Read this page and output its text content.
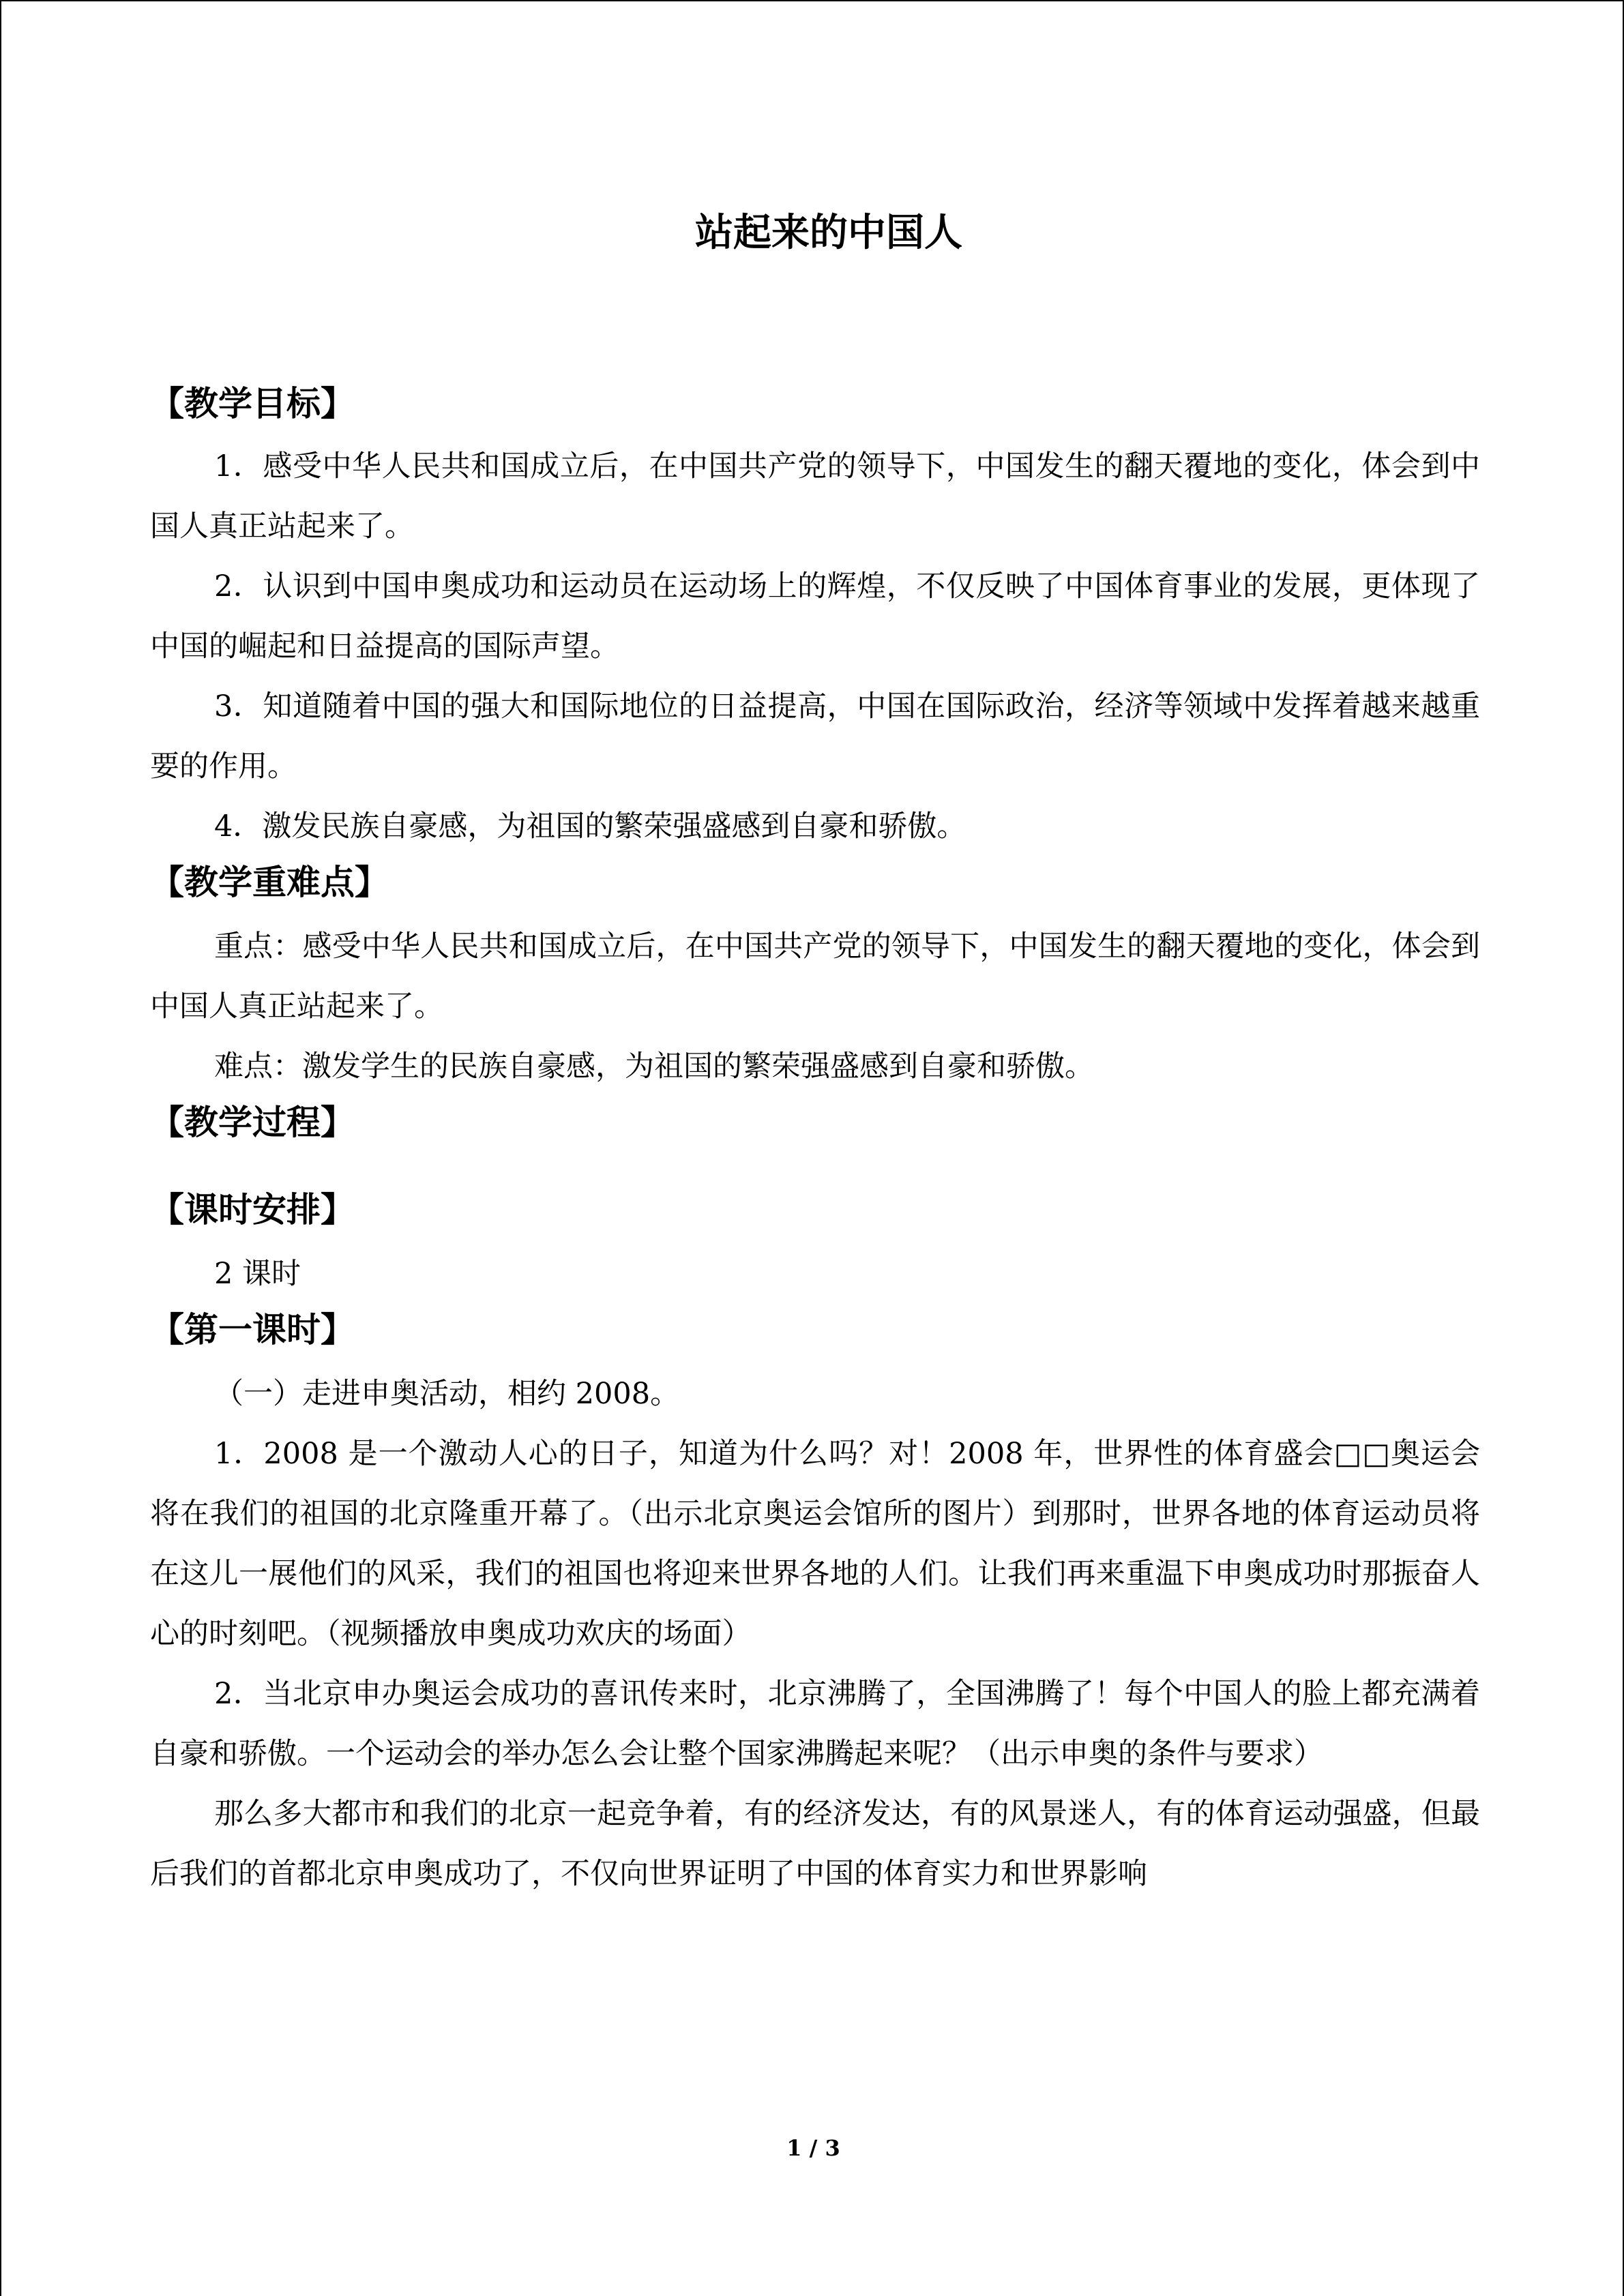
站起来的中国人
【教学目标】

1．感受中华人民共和国成立后，在中国共产党的领导下，中国发生的翻天覆地的变化，体会到中国人真正站起来了。

2．认识到中国申奥成功和运动员在运动场上的辉煌，不仅反映了中国体育事业的发展，更体现了中国的崛起和日益提高的国际声望。

3．知道随着中国的强大和国际地位的日益提高，中国在国际政治，经济等领域中发挥着越来越重要的作用。

4．激发民族自豪感，为祖国的繁荣强盛感到自豪和骄傲。

【教学重难点】

重点：感受中华人民共和国成立后，在中国共产党的领导下，中国发生的翻天覆地的变化，体会到中国人真正站起来了。

难点：激发学生的民族自豪感，为祖国的繁荣强盛感到自豪和骄傲。

【教学过程】
【课时安排】

2 课时

【第一课时】

（一）走进申奥活动，相约 2008。

1．2008 是一个激动人心的日子，知道为什么吗？对！2008 年，世界性的体育盛会□□奥运会将在我们的祖国的北京隆重开幕了。（出示北京奥运会馆所的图片）到那时，世界各地的体育运动员将在这儿一展他们的风采，我们的祖国也将迎来世界各地的人们。让我们再来重温下申奥成功时那振奋人心的时刻吧。（视频播放申奥成功欢庆的场面）

2．当北京申办奥运会成功的喜讯传来时，北京沸腾了，全国沸腾了！每个中国人的脸上都充满着自豪和骄傲。一个运动会的举办怎么会让整个国家沸腾起来呢？（出示申奥的条件与要求）

那么多大都市和我们的北京一起竞争着，有的经济发达，有的风景迷人，有的体育运动强盛，但最后我们的首都北京申奥成功了，不仅向世界证明了中国的体育实力和世界影响

1 / 3
